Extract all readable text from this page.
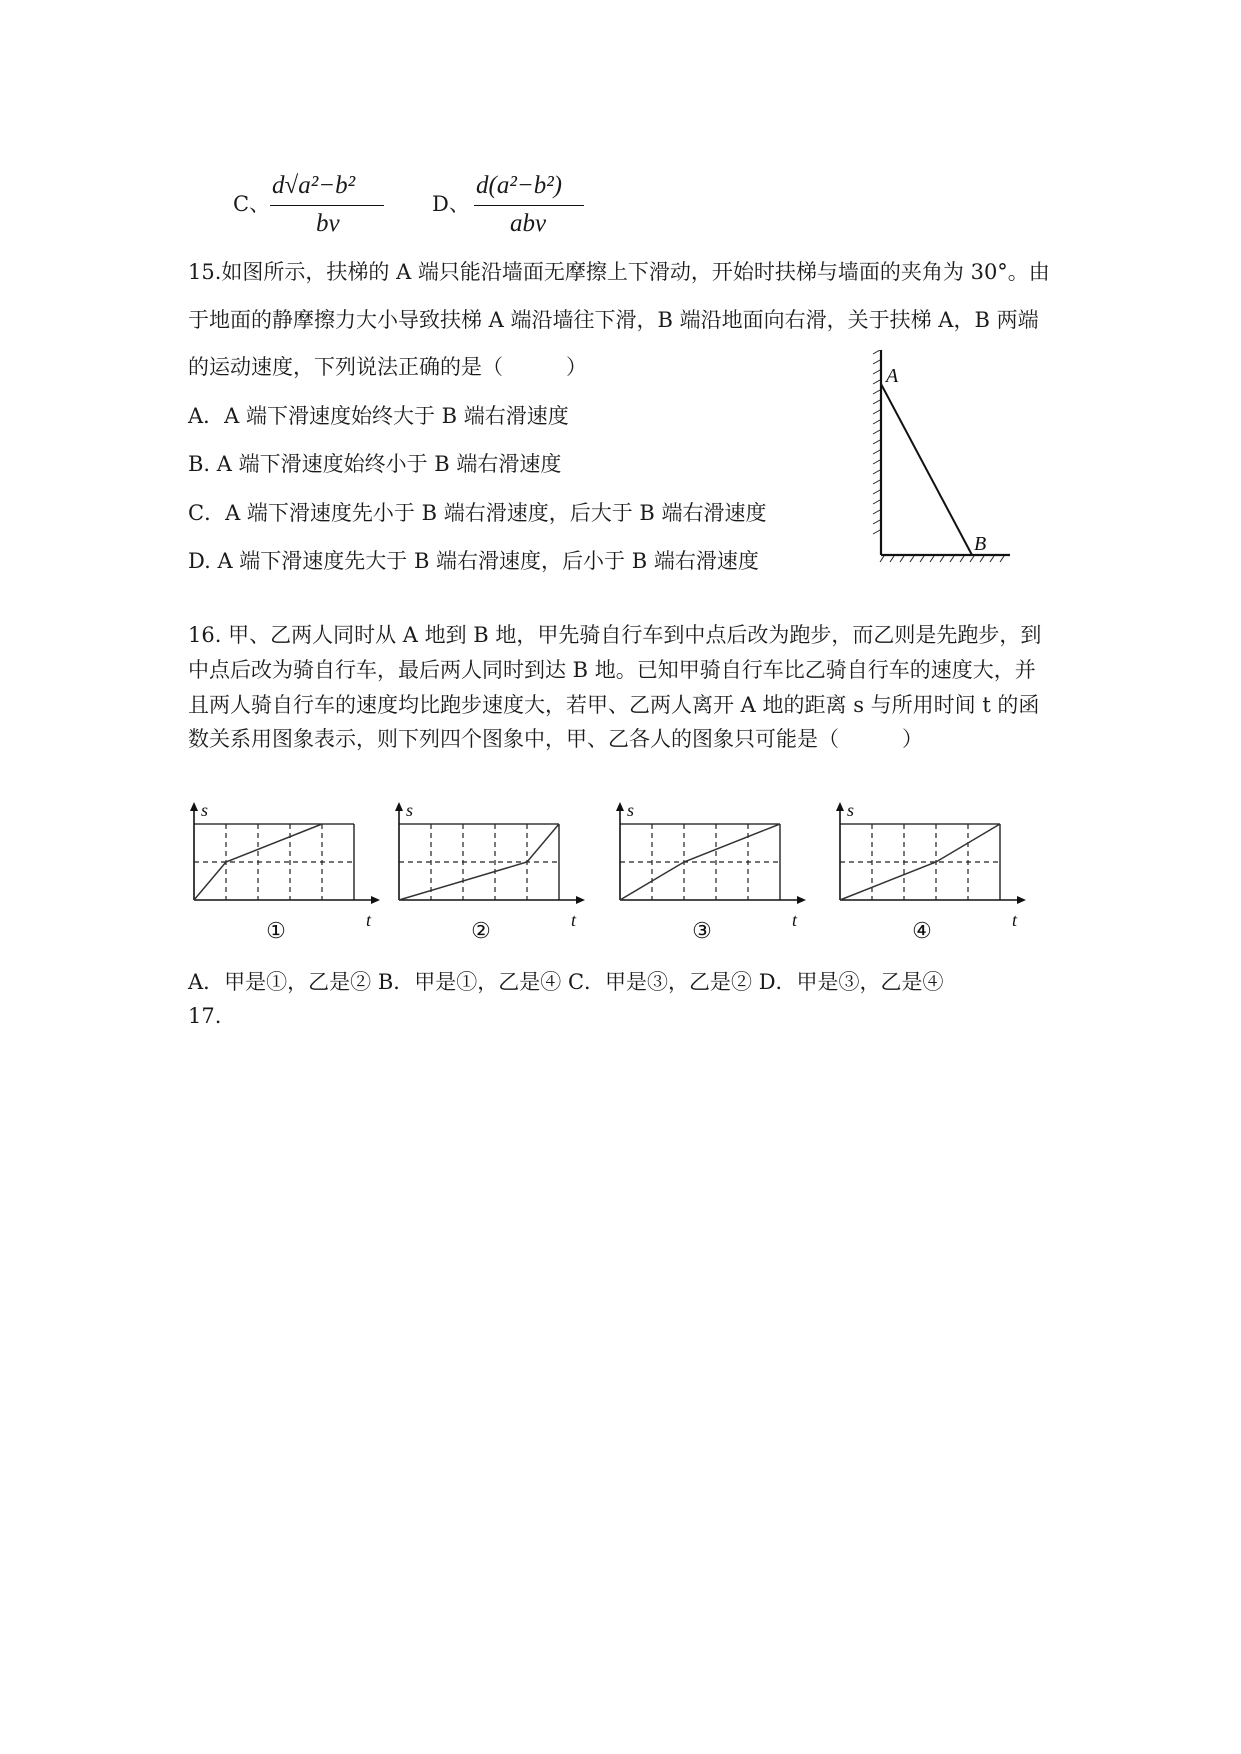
C、
d√a²−b²
bv
D、
d(a²−b²)
abv
15.如图所示，扶梯的 A 端只能沿墙面无摩擦上下滑动，开始时扶梯与墙面的夹角为 30°。由
于地面的静摩擦力大小导致扶梯 A 端沿墙往下滑，B 端沿地面向右滑，关于扶梯 A，B 两端
的运动速度，下列说法正确的是（　　　）
A．A 端下滑速度始终大于 B 端右滑速度
B. A 端下滑速度始终小于 B 端右滑速度
C．A 端下滑速度先小于 B 端右滑速度，后大于 B 端右滑速度
D. A 端下滑速度先大于 B 端右滑速度，后小于 B 端右滑速度
A
B
16. 甲、乙两人同时从 A 地到 B 地，甲先骑自行车到中点后改为跑步，而乙则是先跑步，到
中点后改为骑自行车，最后两人同时到达 B 地。已知甲骑自行车比乙骑自行车的速度大，并
且两人骑自行车的速度均比跑步速度大，若甲、乙两人离开 A 地的距离 s 与所用时间 t 的函
数关系用图象表示，则下列四个图象中，甲、乙各人的图象只可能是（　　　）
s
t
①
s
t
②
s
t
③
s
t
④
A．甲是①，乙是② B．甲是①，乙是④ C．甲是③，乙是② D．甲是③，乙是④
17.
